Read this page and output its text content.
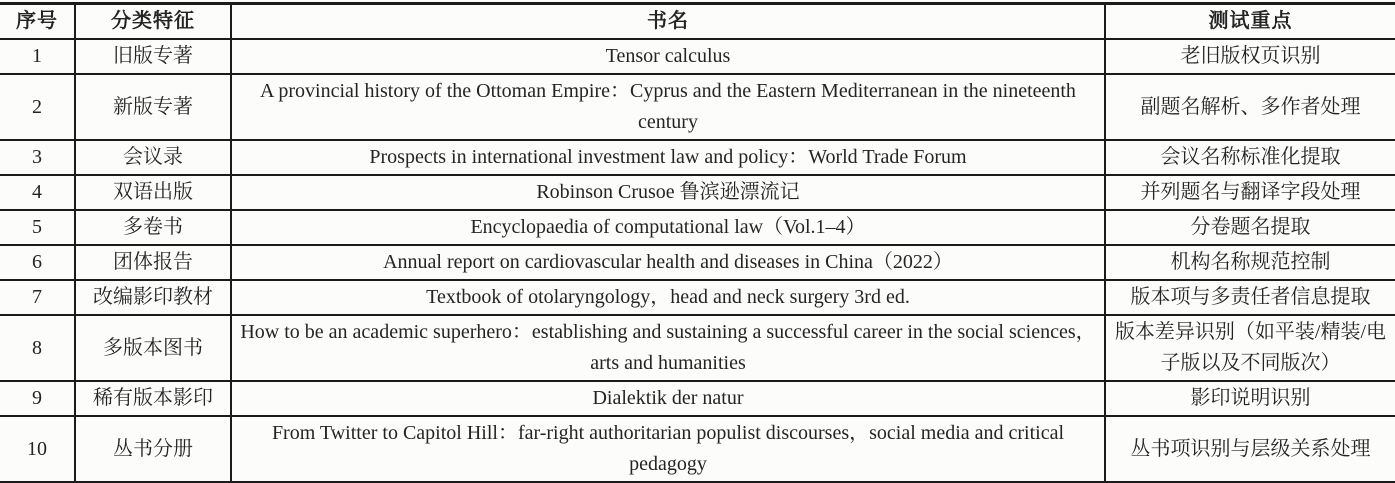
序号	分类特征	书名	测试重点
1	旧版专著	Tensor calculus	老旧版权页识别
2	新版专著	A provincial history of the Ottoman Empire：Cyprus and the Eastern Mediterranean in the nineteenth century	副题名解析、多作者处理
3	会议录	Prospects in international investment law and policy：World Trade Forum	会议名称标准化提取
4	双语出版	Robinson Crusoe 鲁滨逊漂流记	并列题名与翻译字段处理
5	多卷书	Encyclopaedia of computational law（Vol.1–4）	分卷题名提取
6	团体报告	Annual report on cardiovascular health and diseases in China（2022）	机构名称规范控制
7	改编影印教材	Textbook of otolaryngology，head and neck surgery 3rd ed.	版本项与多责任者信息提取
8	多版本图书	How to be an academic superhero：establishing and sustaining a successful career in the social sciences，arts and humanities	版本差异识别（如平装/精装/电子版以及不同版次）
9	稀有版本影印	Dialektik der natur	影印说明识别
10	丛书分册	From Twitter to Capitol Hill：far-right authoritarian populist discourses，social media and critical pedagogy	丛书项识别与层级关系处理
